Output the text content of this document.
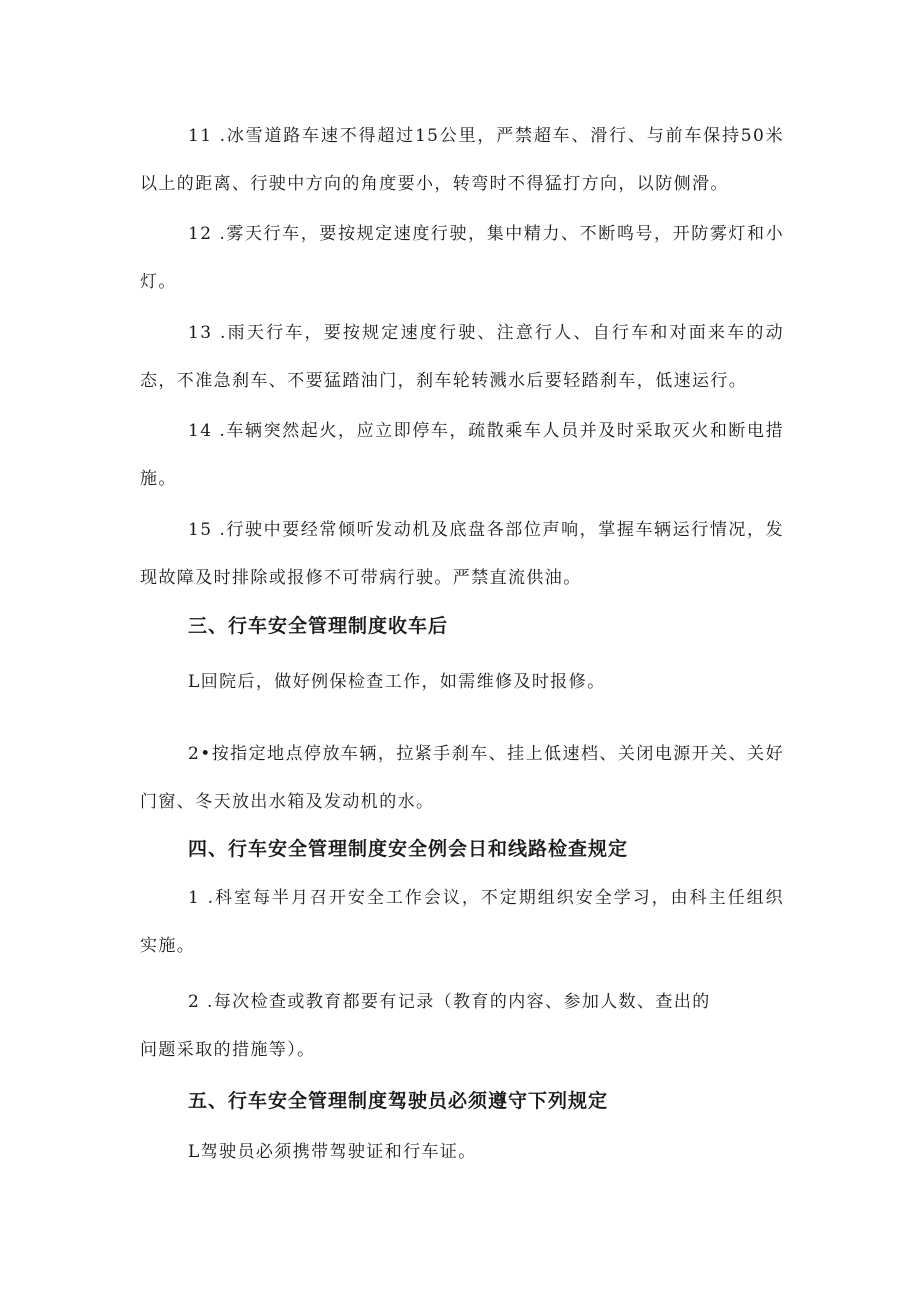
11 .冰雪道路车速不得超过15公里，严禁超车、滑行、与前车保持50米以上的距离、行驶中方向的角度要小，转弯时不得猛打方向，以防侧滑。

12 .雾天行车，要按规定速度行驶，集中精力、不断鸣号，开防雾灯和小灯。

13 .雨天行车，要按规定速度行驶、注意行人、自行车和对面来车的动态，不准急刹车、不要猛踏油门，刹车轮转溅水后要轻踏刹车，低速运行。

14 .车辆突然起火，应立即停车，疏散乘车人员并及时采取灭火和断电措施。

15 .行驶中要经常倾听发动机及底盘各部位声响，掌握车辆运行情况，发现故障及时排除或报修不可带病行驶。严禁直流供油。

三、行车安全管理制度收车后

L回院后，做好例保检查工作，如需维修及时报修。

2•按指定地点停放车辆，拉紧手刹车、挂上低速档、关闭电源开关、关好门窗、冬天放出水箱及发动机的水。

四、行车安全管理制度安全例会日和线路检查规定

1 .科室每半月召开安全工作会议，不定期组织安全学习，由科主任组织实施。

2 .每次检查或教育都要有记录（教育的内容、参加人数、查出的

问题采取的措施等）。

五、行车安全管理制度驾驶员必须遵守下列规定

L驾驶员必须携带驾驶证和行车证。
